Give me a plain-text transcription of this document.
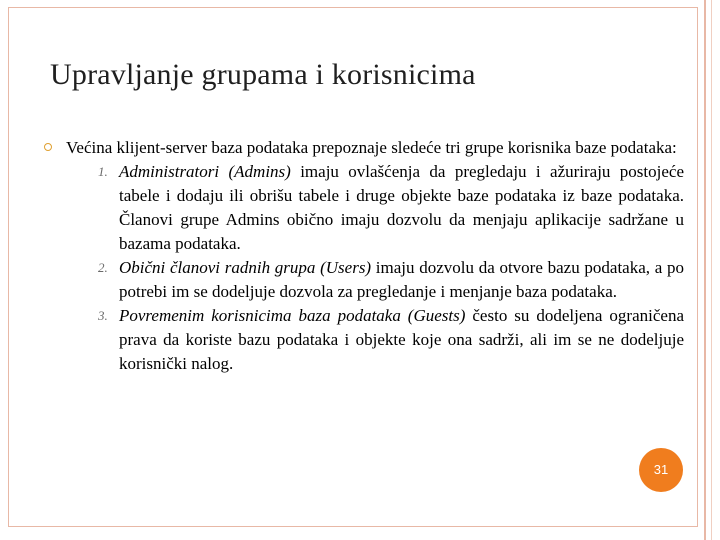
Upravljanje grupama i korisnicima
Većina klijent-server baza podataka prepoznaje sledeće tri grupe korisnika baze podataka:
1. Administratori (Admins) imaju ovlašćenja da pregledaju i ažuriraju postojeće tabele i dodaju ili obrišu tabele i druge objekte baze podataka iz baze podataka. Članovi grupe Admins obično imaju dozvolu da menjaju aplikacije sadržane u bazama podataka.
2. Obični članovi radnih grupa (Users) imaju dozvolu da otvore bazu podataka, a po potrebi im se dodeljuje dozvola za pregledanje i menjanje baza podataka.
3. Povremenim korisnicima baza podataka (Guests) često su dodeljena ograničena prava da koriste bazu podataka i objekte koje ona sadrži, ali im se ne dodeljuje korisnički nalog.
31
